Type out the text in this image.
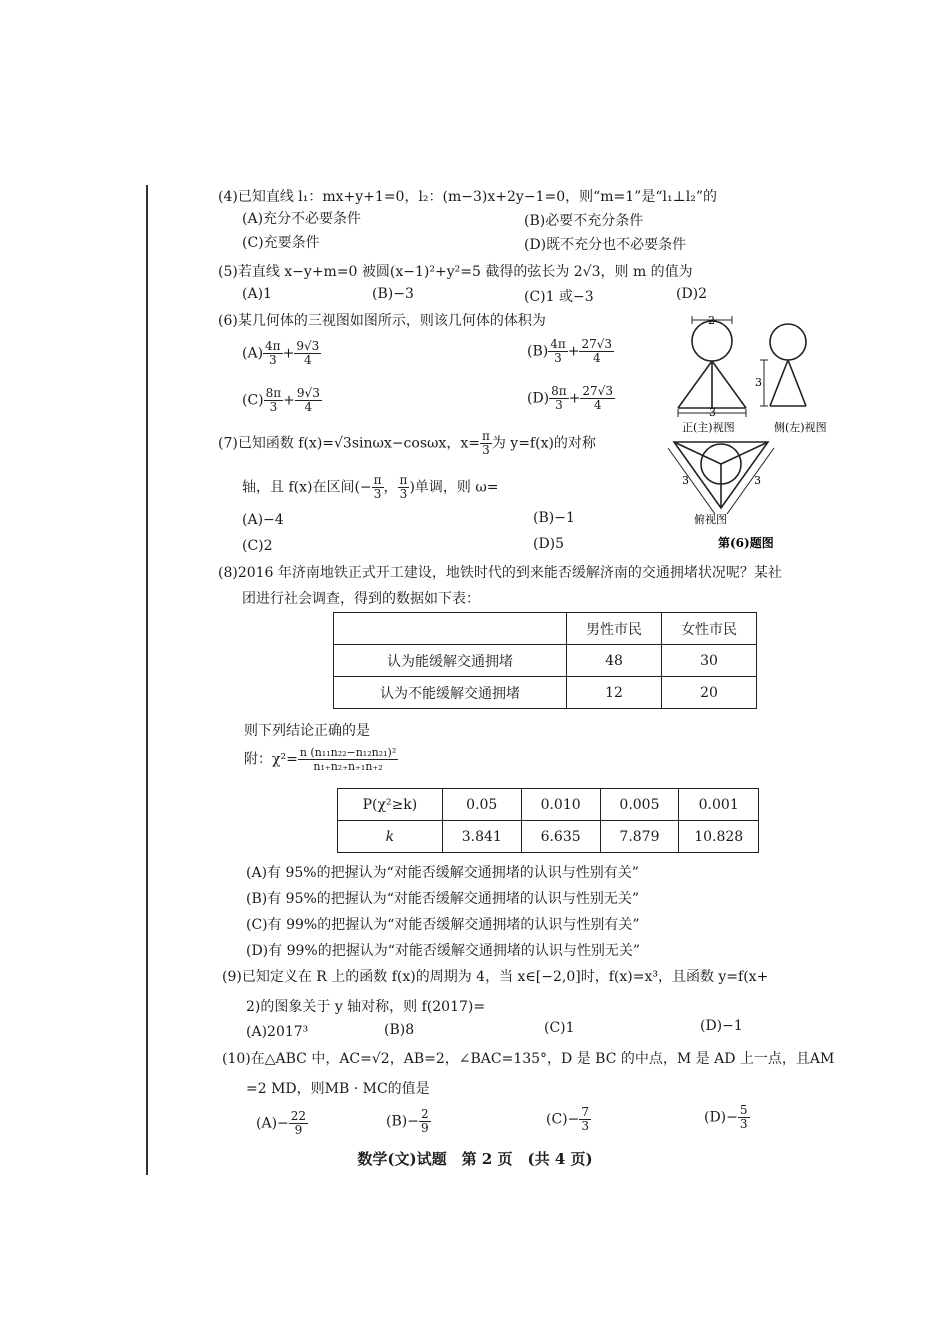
(4)已知直线 l₁：mx+y+1=0，l₂：(m−3)x+2y−1=0，则“m=1”是“l₁⊥l₂”的
(A)充分不必要条件	(B)必要不充分条件
(C)充要条件	(D)既不充分也不必要条件
(5)若直线 x−y+m=0 被圆(x−1)²+y²=5 截得的弦长为 2√3，则 m 的值为
(A)1	(B)−3	(C)1 或−3	(D)2
(6)某几何体的三视图如图所示，则该几何体的体积为
$(A) \frac{4\pi}{3} + \frac{9√3}{4}$	$(B) \frac{4\pi}{3} + \frac{27√3}{4}$
$(C) \frac{8\pi}{3} + \frac{9√3}{4}$	$(D) \frac{8\pi}{3} + \frac{27√3}{4}$
2
3
正(主)视图
3
侧(左)视图
3	3
俯视图
第(6)题图
(7)已知函数 f(x)=√3sinωx−cosωx，$x= \frac{\pi}{3}$ 为 y=f(x)的对称
轴，且 f(x)在区间(− $\frac{\pi}{3}$ ， $\frac{\pi}{3}$ )单调，则 ω=
(A)−4	(B)−1
(C)2	(D)5
(8)2016 年济南地铁正式开工建设，地铁时代的到来能否缓解济南的交通拥堵状况呢？某社
团进行社会调查，得到的数据如下表：
	男性市民	女性市民
认为能缓解交通拥堵	48	30
认为不能缓解交通拥堵	12	20
则下列结论正确的是
附：$\chi^2= \frac{\text{n (n₁₁n₂₂−n₁₂n₂₁)²}}{\text{n₁₊n₂₊n₊₁n₊₂}}$
P(χ²≥k)	0.05	0.010	0.005	0.001
k	3.841	6.635	7.879	10.828
(A)有 95%的把握认为“对能否缓解交通拥堵的认识与性别有关”
(B)有 95%的把握认为“对能否缓解交通拥堵的认识与性别无关”
(C)有 99%的把握认为“对能否缓解交通拥堵的认识与性别有关”
(D)有 99%的把握认为“对能否缓解交通拥堵的认识与性别无关”
(9)已知定义在 R 上的函数 f(x)的周期为 4，当 x∈[−2,0]时，f(x)=x³，且函数 y=f(x+
2)的图象关于 y 轴对称，则 f(2017)=
(A)2017³	(B)8	(C)1	(D)−1
(10)在△ABC 中，AC=√2，AB=2，∠BAC=135°，D 是 BC 的中点，M 是 AD 上一点，且AM
=2 MD，则MB · MC的值是
$(A)- \frac{22}{9}$	$(B)- \frac{2}{9}$	$(C)- \frac{7}{3}$	$(D)- \frac{5}{3}$
数学(文)试题　第 2 页　(共 4 页)
